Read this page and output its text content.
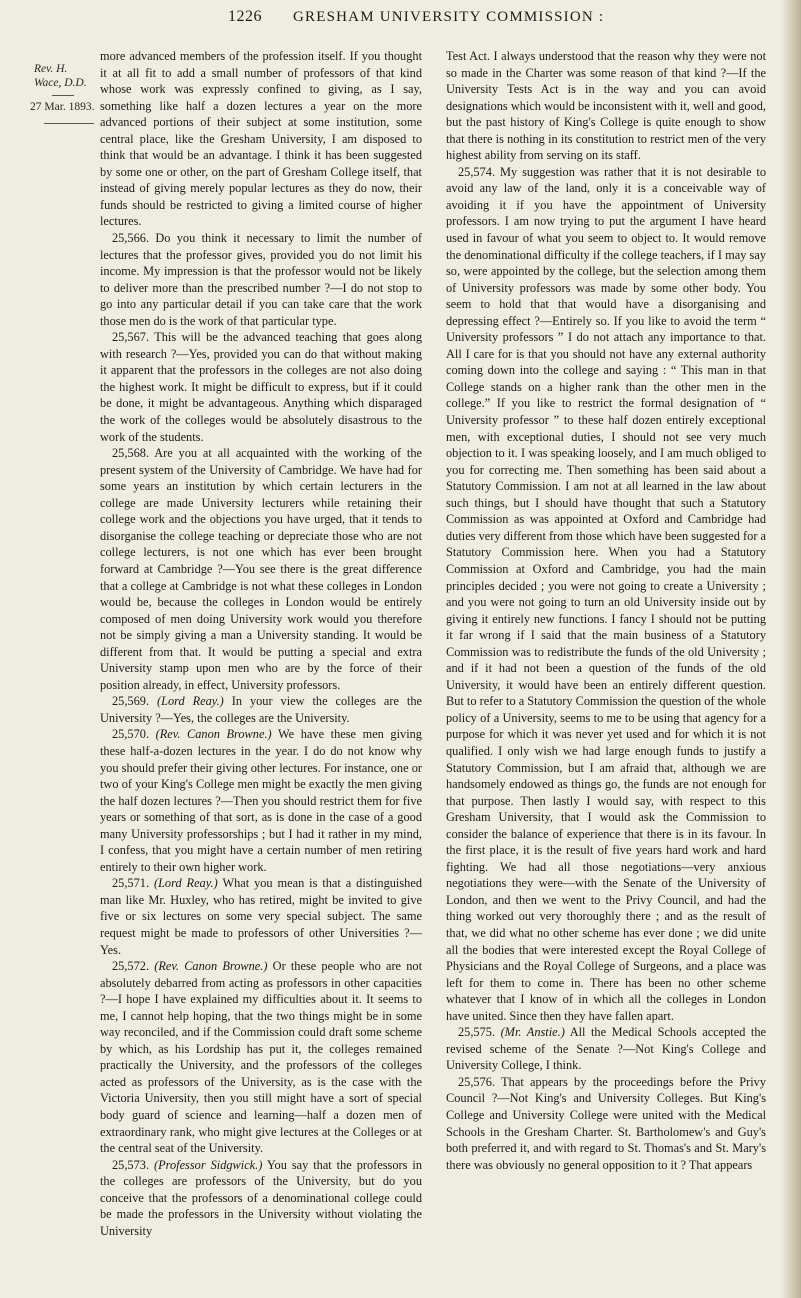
1226 GRESHAM UNIVERSITY COMMISSION :
Rev. H. Wace, D.D.
27 Mar. 1893.

more advanced members of the profession itself. If you thought it at all fit to add a small number of professors of that kind whose work was expressly confined to giving, as I say, something like half a dozen lectures a year on the more advanced portions of their subject at some institution, some central place, like the Gresham University, I am disposed to think that would be an advantage. I think it has been suggested by some one or other, on the part of Gresham College itself, that instead of giving merely popular lectures as they do now, their funds should be restricted to giving a limited course of higher lectures.

25,566. Do you think it necessary to limit the number of lectures that the professor gives, provided you do not limit his income. My impression is that the professor would not be likely to deliver more than the prescribed number ?—I do not stop to go into any particular detail if you can take care that the work those men do is the work of that particular type.

25,567. This will be the advanced teaching that goes along with research ?—Yes, provided you can do that without making it apparent that the professors in the colleges are not also doing the highest work. It might be difficult to express, but if it could be done, it might be advantageous. Anything which disparaged the work of the colleges would be absolutely disastrous to the work of the students.

25,568. Are you at all acquainted with the working of the present system of the University of Cambridge. We have had for some years an institution by which certain lecturers in the college are made University lecturers while retaining their college work and the objections you have urged, that it tends to disorganise the college teaching or depreciate those who are not college lecturers, is not one which has ever been brought forward at Cambridge ?—You see there is the great difference that a college at Cambridge is not what these colleges in London would be, because the colleges in London would be entirely composed of men doing University work would you therefore not be simply giving a man a University standing. It would be different from that. It would be putting a special and extra University stamp upon men who are by the force of their position already, in effect, University professors.

25,569. (Lord Reay.) In your view the colleges are the University ?—Yes, the colleges are the University.

25,570. (Rev. Canon Browne.) We have these men giving these half-a-dozen lectures in the year. I do do not know why you should prefer their giving other lectures. For instance, one or two of your King's College men might be exactly the men giving the half dozen lectures ?—Then you should restrict them for five years or something of that sort, as is done in the case of a good many University professorships ; but I had it rather in my mind, I confess, that you might have a certain number of men retiring entirely to their own higher work.

25,571. (Lord Reay.) What you mean is that a distinguished man like Mr. Huxley, who has retired, might be invited to give five or six lectures on some very special subject. The same request might be made to professors of other Universities ?—Yes.

25,572. (Rev. Canon Browne.) Or these people who are not absolutely debarred from acting as professors in other capacities ?—I hope I have explained my difficulties about it. It seems to me, I cannot help hoping, that the two things might be in some way reconciled, and if the Commission could draft some scheme by which, as his Lordship has put it, the colleges remained practically the University, and the professors of the colleges acted as professors of the University, as is the case with the Victoria University, then you still might have a sort of special body guard of science and learning—half a dozen men of extraordinary rank, who might give lectures at the Colleges or at the central seat of the University.

25,573. (Professor Sidgwick.) You say that the professors in the colleges are professors of the University, but do you conceive that the professors of a denominational college could be made the professors in the University without violating the University

Test Act. I always understood that the reason why they were not so made in the Charter was some reason of that kind ?—If the University Tests Act is in the way and you can avoid designations which would be inconsistent with it, well and good, but the past history of King's College is quite enough to show that there is nothing in its constitution to restrict men of the very highest ability from serving on its staff.

25,574. My suggestion was rather that it is not desirable to avoid any law of the land, only it is a conceivable way of avoiding it if you have the appointment of University professors. I am now trying to put the argument I have heard used in favour of what you seem to object to. It would remove the denominational difficulty if the college teachers, if I may say so, were appointed by the college, but the selection among them of University professors was made by some other body. You seem to hold that that would have a disorganising and depressing effect ?—Entirely so. If you like to avoid the term “ University professors ” I do not attach any importance to that. All I care for is that you should not have any external authority coming down into the college and saying : “ This man in that College stands on a higher rank than the other men in the college.” If you like to restrict the formal designation of “ University professor ” to these half dozen entirely exceptional men, with exceptional duties, I should not see very much objection to it. I was speaking loosely, and I am much obliged to you for correcting me. Then something has been said about a Statutory Commission. I am not at all learned in the law about such things, but I should have thought that such a Statutory Commission as was appointed at Oxford and Cambridge had duties very different from those which have been suggested for a Statutory Commission here. When you had a Statutory Commission at Oxford and Cambridge, you had the main principles decided ; you were not going to create a University ; and you were not going to turn an old University inside out by giving it entirely new functions. I fancy I should not be putting it far wrong if I said that the main business of a Statutory Commission was to redistribute the funds of the old University ; and if it had not been a question of the funds of the old University, it would have been an entirely different question. But to refer to a Statutory Commission the question of the whole policy of a University, seems to me to be using that agency for a purpose for which it was never yet used and for which it is not qualified. I only wish we had large enough funds to justify a Statutory Commission, but I am afraid that, although we are handsomely endowed as things go, the funds are not enough for that purpose. Then lastly I would say, with respect to this Gresham University, that I would ask the Commission to consider the balance of experience that there is in its favour. In the first place, it is the result of five years hard work and hard fighting. We had all those negotiations—very anxious negotiations they were—with the Senate of the University of London, and then we went to the Privy Council, and had the thing worked out very thoroughly there ; and as the result of that, we did what no other scheme has ever done ; we did unite all the bodies that were interested except the Royal College of Physicians and the Royal College of Surgeons, and a place was left for them to come in. There has been no other scheme whatever that I know of in which all the colleges in London have united. Since then they have fallen apart.

25,575. (Mr. Anstie.) All the Medical Schools accepted the revised scheme of the Senate ?—Not King's College and University College, I think.

25,576. That appears by the proceedings before the Privy Council ?—Not King's and University Colleges. But King's College and University College were united with the Medical Schools in the Gresham Charter. St. Bartholomew's and Guy's both preferred it, and with regard to St. Thomas's and St. Mary's there was obviously no general opposition to it ? That appears
